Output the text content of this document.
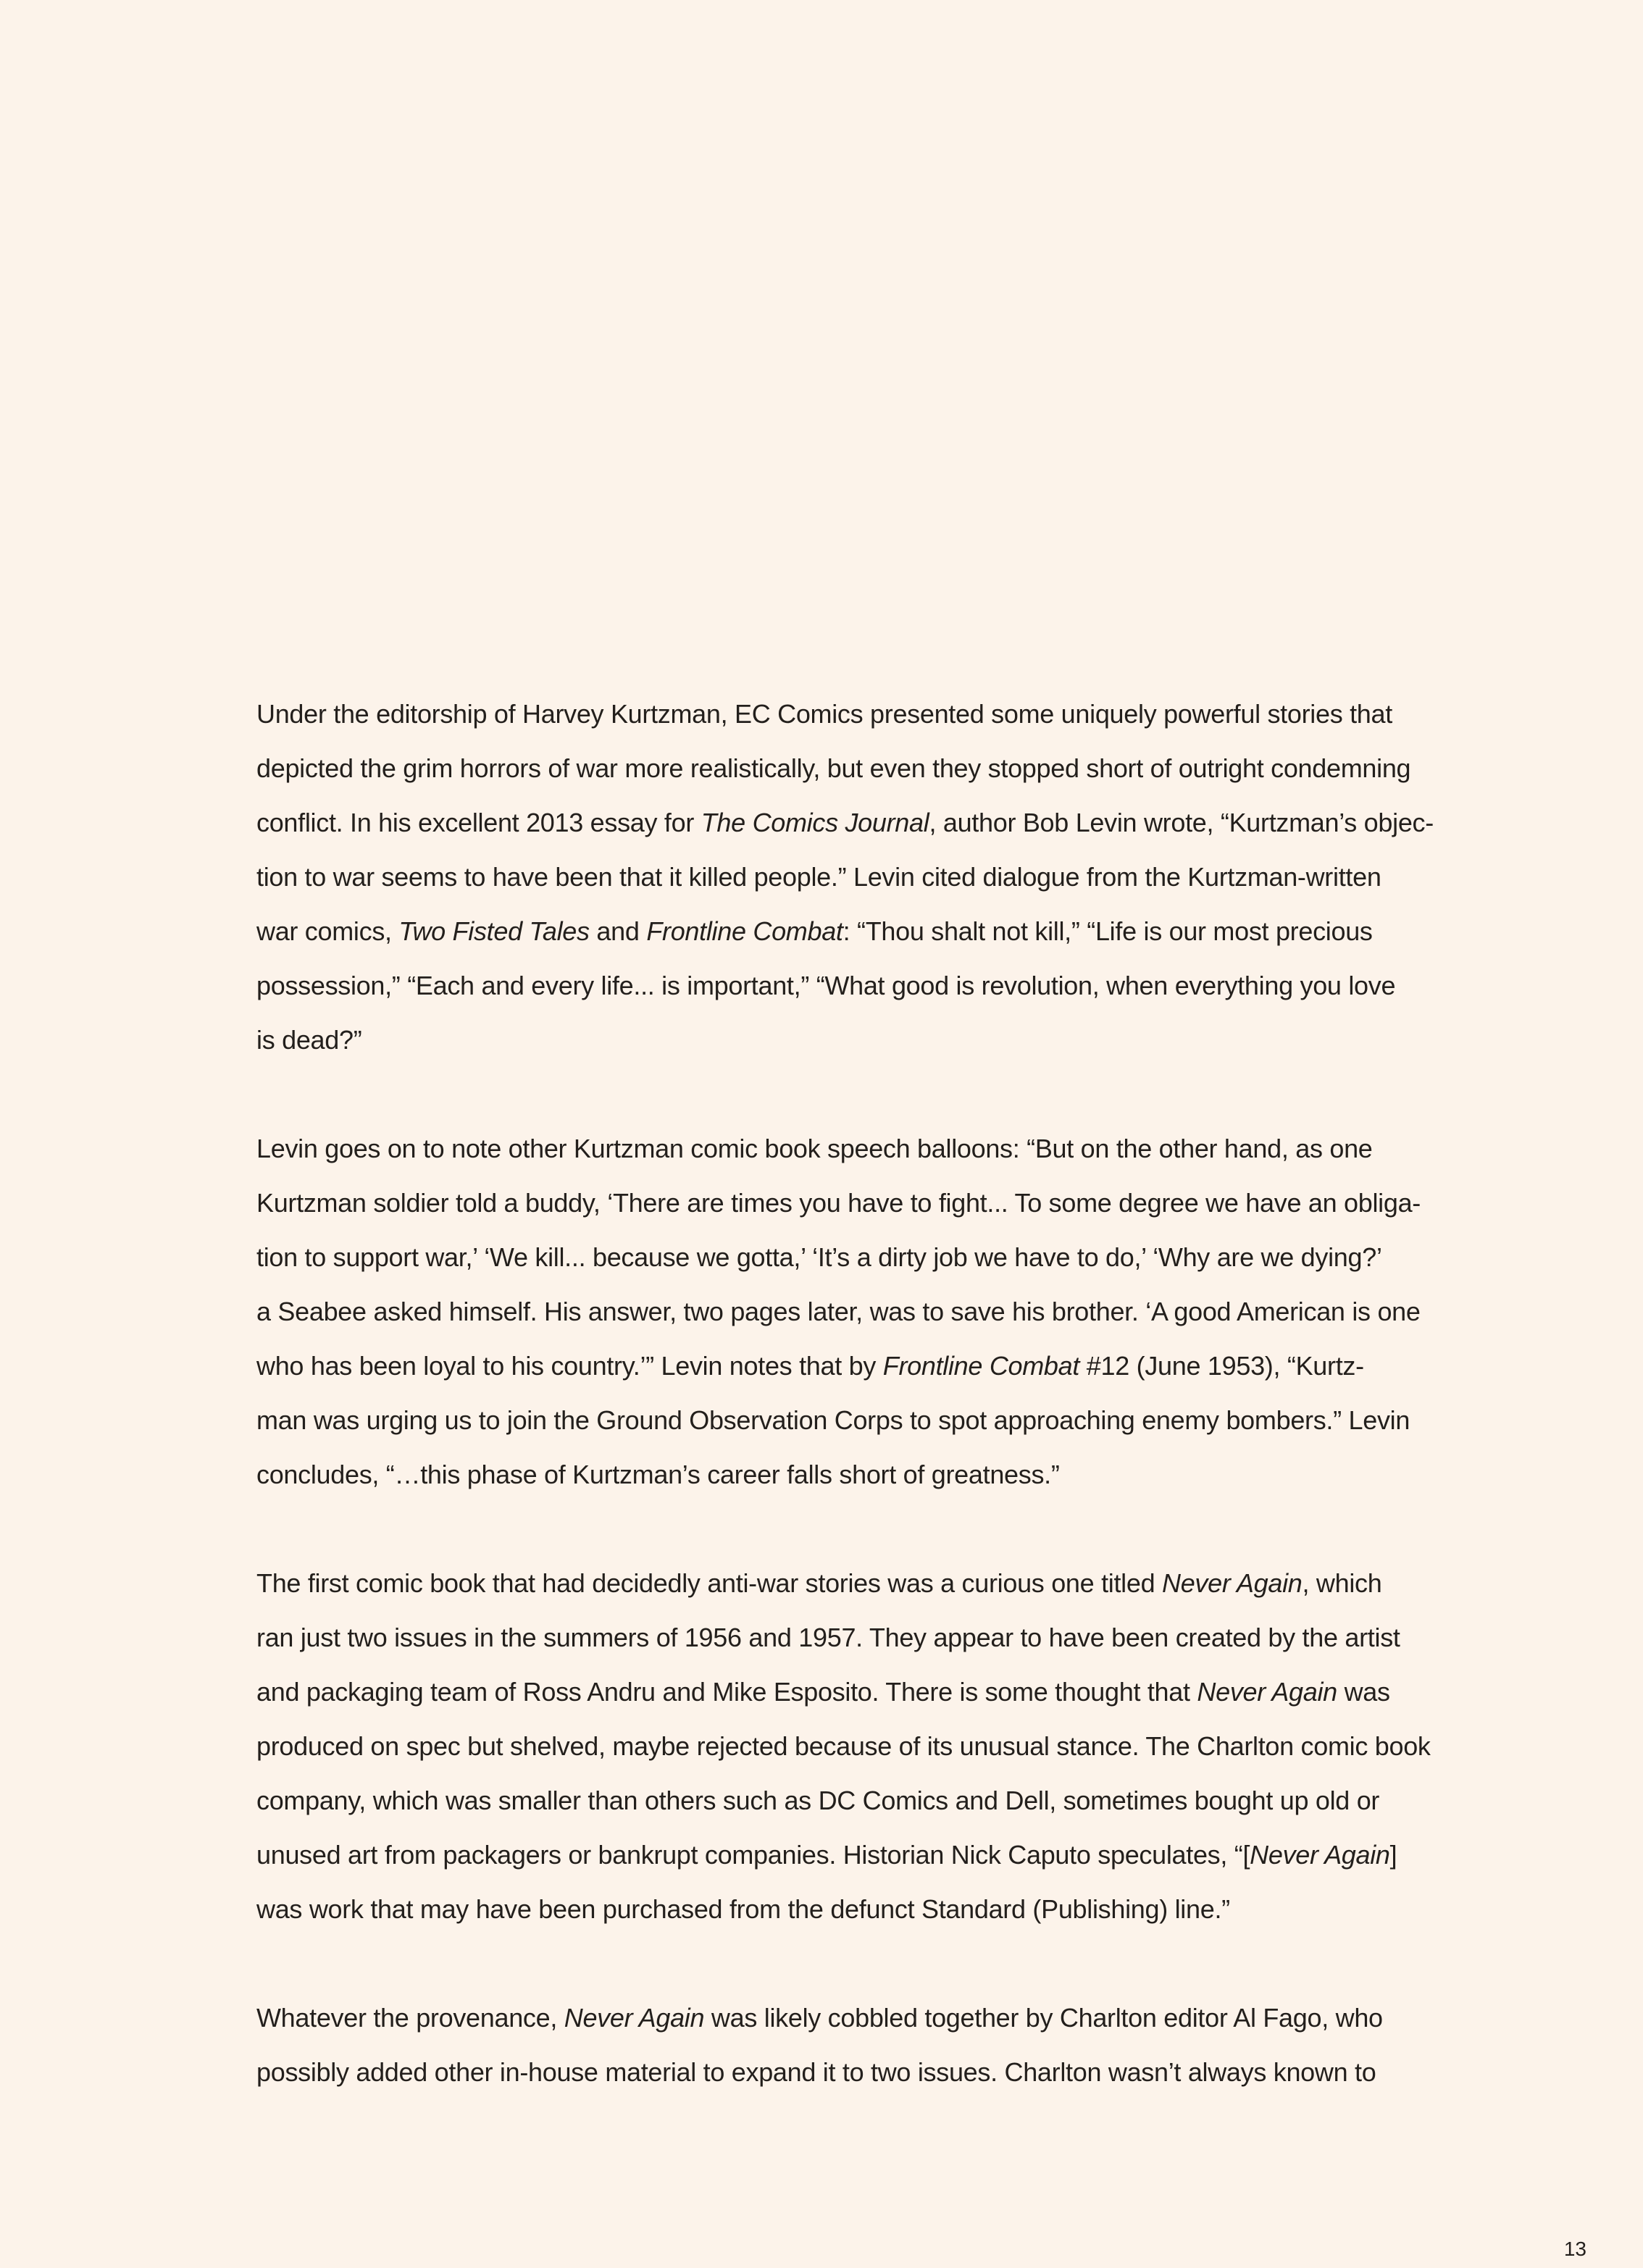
Under the editorship of Harvey Kurtzman, EC Comics presented some uniquely powerful stories that
depicted the grim horrors of war more realistically, but even they stopped short of outright condemning
conflict. In his excellent 2013 essay for The Comics Journal, author Bob Levin wrote, “Kurtzman’s objec-
tion to war seems to have been that it killed people.” Levin cited dialogue from the Kurtzman-written
war comics, Two Fisted Tales and Frontline Combat: “Thou shalt not kill,” “Life is our most precious
possession,” “Each and every life... is important,” “What good is revolution, when everything you love
is dead?”
Levin goes on to note other Kurtzman comic book speech balloons: “But on the other hand, as one
Kurtzman soldier told a buddy, ‘There are times you have to fight... To some degree we have an obliga-
tion to support war,’ ‘We kill... because we gotta,’ ‘It’s a dirty job we have to do,’ ‘Why are we dying?’
a Seabee asked himself. His answer, two pages later, was to save his brother. ‘A good American is one
who has been loyal to his country.’” Levin notes that by Frontline Combat #12 (June 1953), “Kurtz-
man was urging us to join the Ground Observation Corps to spot approaching enemy bombers.” Levin
concludes, “…this phase of Kurtzman’s career falls short of greatness.”
The first comic book that had decidedly anti-war stories was a curious one titled Never Again, which
ran just two issues in the summers of 1956 and 1957. They appear to have been created by the artist
and packaging team of Ross Andru and Mike Esposito. There is some thought that Never Again was
produced on spec but shelved, maybe rejected because of its unusual stance. The Charlton comic book
company, which was smaller than others such as DC Comics and Dell, sometimes bought up old or
unused art from packagers or bankrupt companies. Historian Nick Caputo speculates, “[Never Again]
was work that may have been purchased from the defunct Standard (Publishing) line.”
Whatever the provenance, Never Again was likely cobbled together by Charlton editor Al Fago, who
possibly added other in-house material to expand it to two issues. Charlton wasn’t always known to
13
